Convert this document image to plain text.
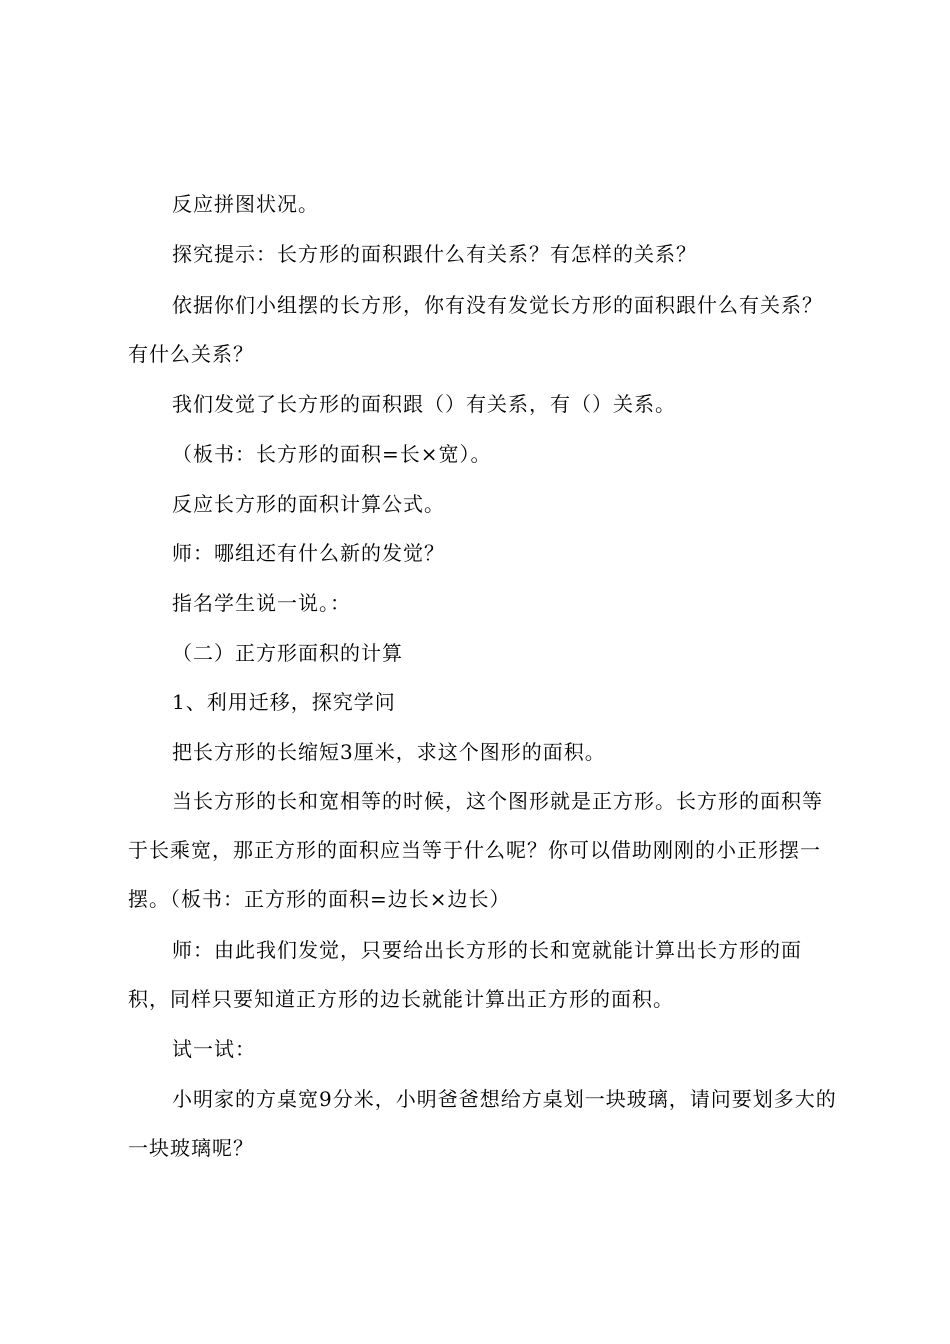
反应拼图状况。

探究提示：长方形的面积跟什么有关系？有怎样的关系？

依据你们小组摆的长方形，你有没有发觉长方形的面积跟什么有关系？有什么关系？

我们发觉了长方形的面积跟（）有关系，有（）关系。

（板书：长方形的面积=长×宽）。

反应长方形的面积计算公式。

师：哪组还有什么新的发觉？

指名学生说一说。：

（二）正方形面积的计算

1、利用迁移，探究学问

把长方形的长缩短3厘米，求这个图形的面积。

当长方形的长和宽相等的时候，这个图形就是正方形。长方形的面积等于长乘宽，那正方形的面积应当等于什么呢？你可以借助刚刚的小正形摆一摆。（板书：正方形的面积=边长×边长）

师：由此我们发觉，只要给出长方形的长和宽就能计算出长方形的面积，同样只要知道正方形的边长就能计算出正方形的面积。

试一试：

小明家的方桌宽9分米，小明爸爸想给方桌划一块玻璃，请问要划多大的一块玻璃呢？
